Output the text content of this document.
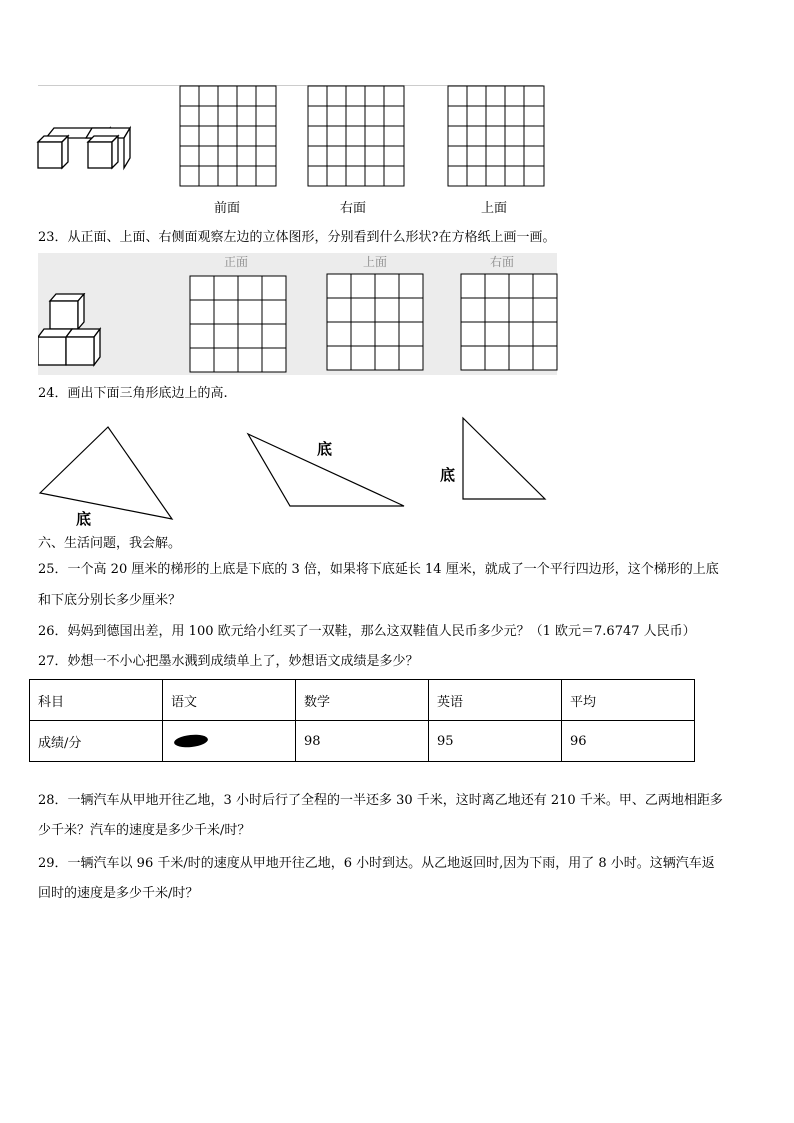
前面	右面	上面
23．从正面、上面、右侧面观察左边的立体图形，分别看到什么形状?在方格纸上画一画。
正面	上面	右面
24．画出下面三角形底边上的高.
底
底
底
六、生活问题，我会解。
25．一个高 20 厘米的梯形的上底是下底的 3 倍，如果将下底延长 14 厘米，就成了一个平行四边形，这个梯形的上底
和下底分别长多少厘米？
26．妈妈到德国出差，用 100 欧元给小红买了一双鞋，那么这双鞋值人民币多少元？（1 欧元＝7.6747 人民币）
27．妙想一不小心把墨水溅到成绩单上了，妙想语文成绩是多少？
科目	语文	数学	英语	平均
成绩/分		98	95	96
28．一辆汽车从甲地开往乙地，3 小时后行了全程的一半还多 30 千米，这时离乙地还有 210 千米。甲、乙两地相距多
少千米？汽车的速度是多少千米/时？
29．一辆汽车以 96 千米/时的速度从甲地开往乙地，6 小时到达。从乙地返回时,因为下雨，用了 8 小时。这辆汽车返
回时的速度是多少千米/时？
